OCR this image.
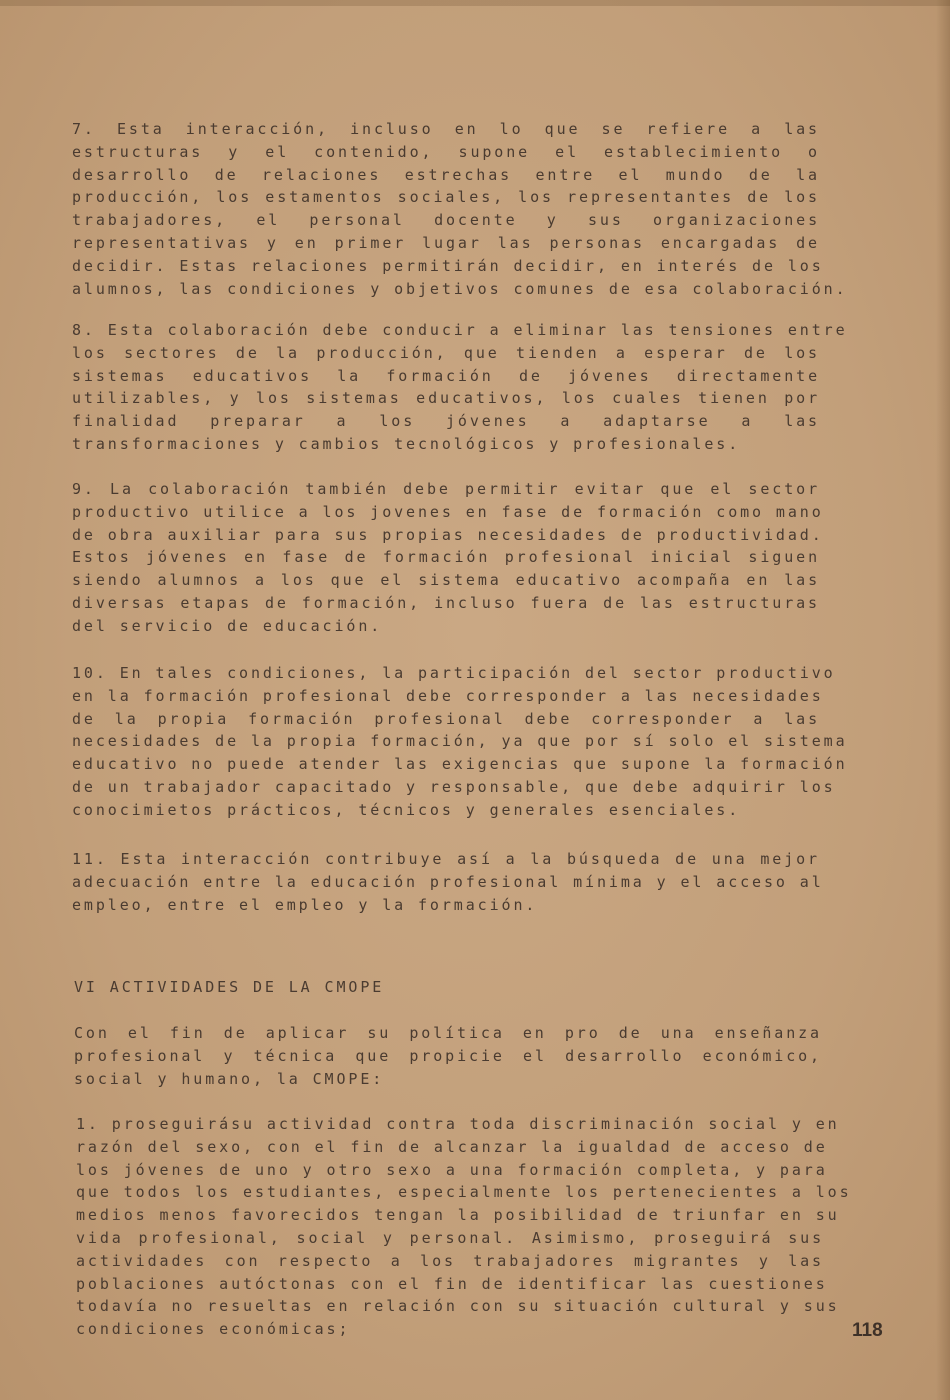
7. Esta interacción, incluso en lo que se refiere a las
estructuras y el contenido, supone el establecimiento o
desarrollo de relaciones estrechas entre el mundo de la
producción, los estamentos sociales, los representantes de los
trabajadores, el personal docente y sus organizaciones
representativas y en primer lugar las personas encargadas de
decidir. Estas relaciones permitirán decidir, en interés de los
alumnos, las condiciones y objetivos comunes de esa colaboración.
8. Esta colaboración debe conducir a eliminar las tensiones entre
los sectores de la producción, que tienden a esperar de los
sistemas educativos la formación de jóvenes directamente
utilizables, y los sistemas educativos, los cuales tienen por
finalidad preparar a los jóvenes a adaptarse a las
transformaciones y cambios tecnológicos y profesionales.
9. La colaboración también debe permitir evitar que el sector
productivo utilice a los jovenes en fase de formación como mano
de obra auxiliar para sus propias necesidades de productividad.
Estos jóvenes en fase de formación profesional inicial siguen
siendo alumnos a los que el sistema educativo acompaña en las
diversas etapas de formación, incluso fuera de las estructuras
del servicio de educación.
10. En tales condiciones, la participación del sector productivo
en la formación profesional debe corresponder a las necesidades
de la propia formación profesional debe corresponder a las
necesidades de la propia formación, ya que por sí solo el sistema
educativo no puede atender las exigencias que supone la formación
de un trabajador capacitado y responsable, que debe adquirir los
conocimietos prácticos, técnicos y generales esenciales.
11. Esta interacción contribuye así a la búsqueda de una mejor
adecuación entre la educación profesional mínima y el acceso al
empleo, entre el empleo y la formación.
VI ACTIVIDADES DE LA CMOPE
Con el fin de aplicar su política en pro de una enseñanza
profesional y técnica que propicie el desarrollo económico,
social y humano, la CMOPE:
1. proseguirásu actividad contra toda discriminación social y en
razón del sexo, con el fin de alcanzar la igualdad de acceso de
los jóvenes de uno y otro sexo a una formación completa, y para
que todos los estudiantes, especialmente los pertenecientes a los
medios menos favorecidos tengan la posibilidad de triunfar en su
vida profesional, social y personal. Asimismo, proseguirá sus
actividades con respecto a los trabajadores migrantes y las
poblaciones autóctonas con el fin de identificar las cuestiones
todavía no resueltas en relación con su situación cultural y sus
condiciones económicas;	118
